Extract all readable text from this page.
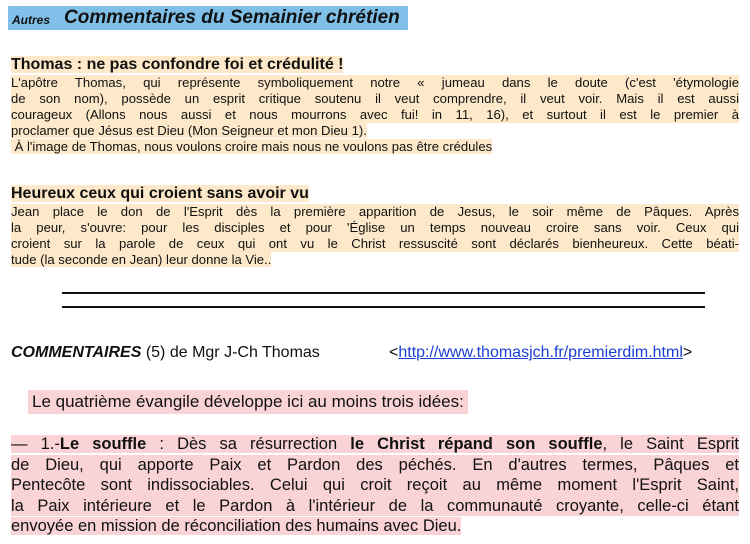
Autres Commentaires du Semainier chrétien
Thomas : ne pas confondre foi et crédulité !
L'apôtre Thomas, qui représente symboliquement notre « jumeau dans le doute (c'est 'étymologie
de son nom), possède un esprit critique soutenu il veut comprendre, il veut voir. Mais il est aussi
courageux (Allons nous aussi et nous mourrons avec fui! in 11, 16), et surtout il est le premier à
proclamer que Jésus est Dieu (Mon Seigneur et mon Dieu 1).
À l'image de Thomas, nous voulons croire mais nous ne voulons pas être crédules
Heureux ceux qui croient sans avoir vu
Jean place le don de l'Esprit dès la première apparition de Jesus, le soir même de Pâques. Après
la peur, s'ouvre: pour les disciples et pour 'Église un temps nouveau croire sans voir. Ceux qui
croient sur la parole de ceux qui ont vu le Christ ressuscité sont déclarés bienheureux. Cette béati-
tude (la seconde en Jean) leur donne la Vie..
COMMENTAIRES (5) de Mgr J-Ch Thomas	<http://www.thomasjch.fr/premierdim.html>
Le quatrième évangile développe ici au moins trois idées:
— 1.-Le souffle : Dès sa résurrection le Christ répand son souffle, le Saint Esprit
de Dieu, qui apporte Paix et Pardon des péchés. En d'autres termes, Pâques et
Pentecôte sont indissociables. Celui qui croit reçoit au même moment l'Esprit Saint,
la Paix intérieure et le Pardon à l'intérieur de la communauté croyante, celle-ci étant
envoyée en mission de réconciliation des humains avec Dieu.
